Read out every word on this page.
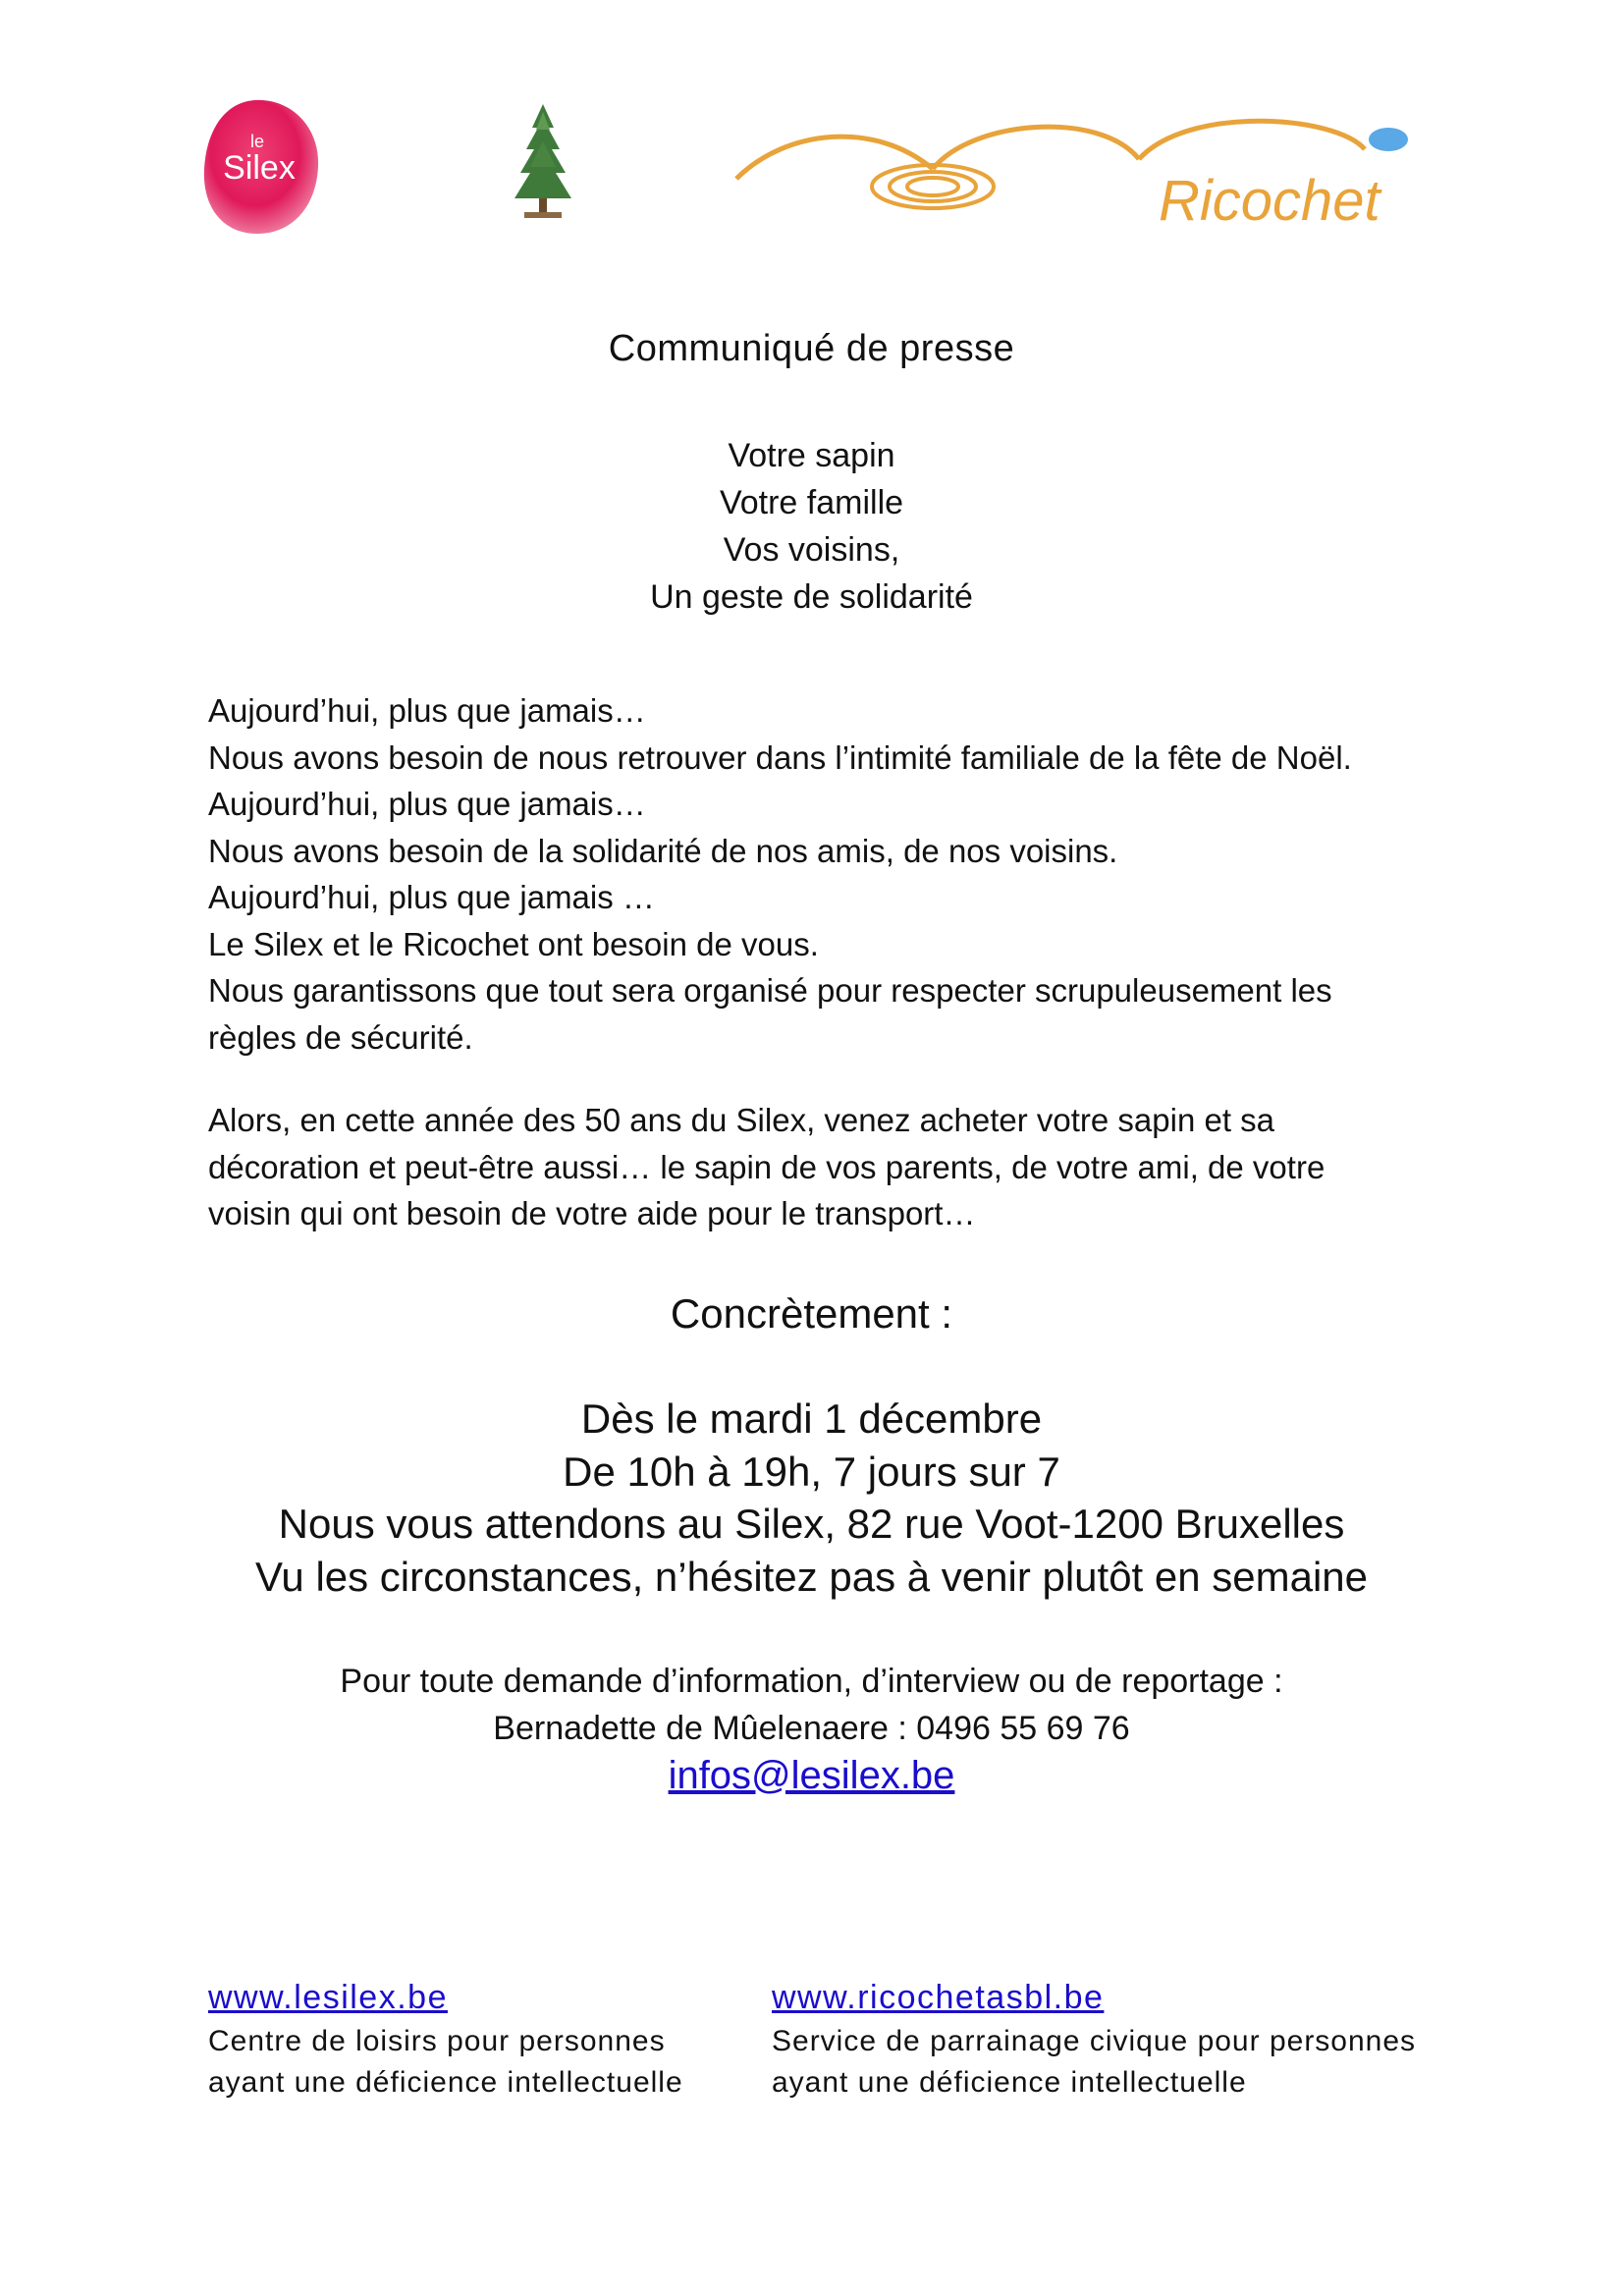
le
Silex
Ricochet
Communiqué de presse
Votre sapin
Votre famille
Vos voisins,
Un geste de solidarité
Aujourd’hui, plus que jamais…
Nous avons besoin de nous retrouver dans l’intimité familiale de la fête de Noël.
Aujourd’hui, plus que jamais…
Nous avons besoin de la solidarité de nos amis, de nos voisins.
Aujourd’hui, plus que jamais …
Le Silex et le Ricochet ont besoin de vous.
Nous garantissons que tout sera organisé pour respecter scrupuleusement les
règles de sécurité.
Alors, en cette année des 50 ans du Silex, venez acheter votre sapin et sa
décoration et peut-être aussi… le sapin de vos parents, de votre ami, de votre
voisin qui ont besoin de votre aide pour le transport…
Concrètement :
Dès le mardi 1 décembre
De 10h à 19h, 7 jours sur 7
Nous vous attendons au Silex, 82 rue Voot-1200 Bruxelles
Vu les circonstances, n’hésitez pas à venir plutôt en semaine
Pour toute demande d’information, d’interview ou de reportage :
Bernadette de Mûelenaere : 0496 55 69 76
infos@lesilex.be
www.lesilex.be
Centre de loisirs pour personnes
ayant une déficience intellectuelle
www.ricochetasbl.be
Service de parrainage civique pour personnes
ayant une déficience intellectuelle
